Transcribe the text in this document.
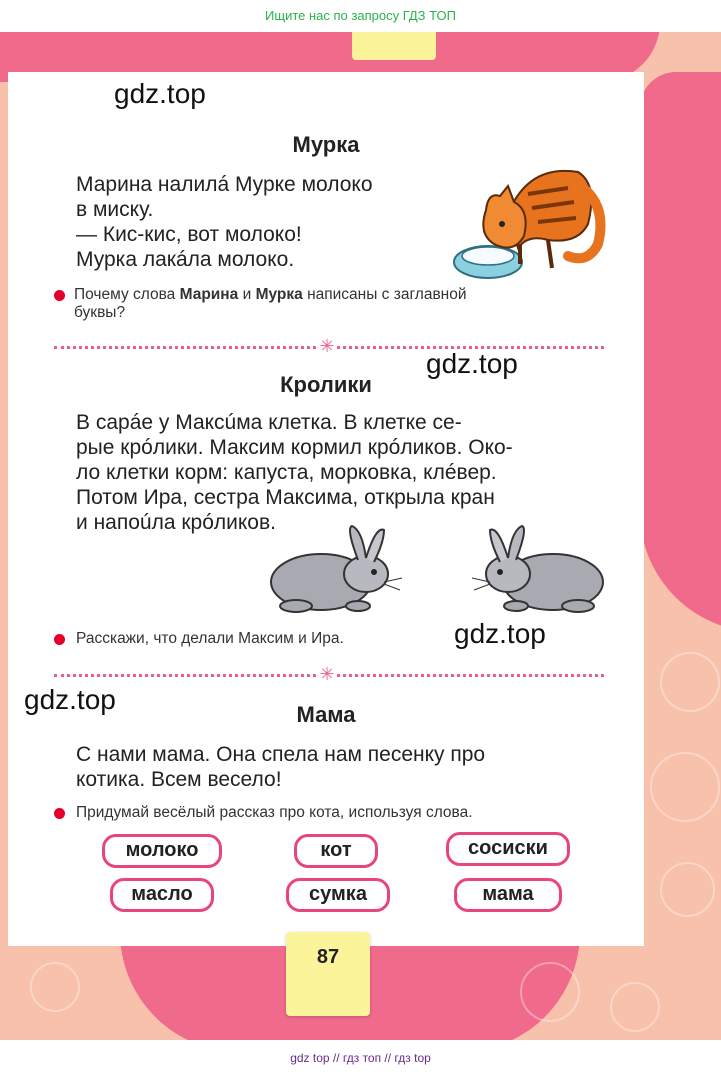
Ищите нас по запросу ГДЗ ТОП
gdz.top
Мурка
Марина налилá Мурке молоко
в миску.
— Кис-кис, вот молоко!
Мурка лакáла молоко.
Почему слова Марина и Мурка написаны с заглавной
буквы?
✳
gdz.top
Кролики
В сарáе у Максúма клетка. В клетке се-
рые крóлики. Максим кормил крóликов. Око-
ло клетки корм: капуста, морковка, клéвер.
Потом Ира, сестра Максима, открыла кран
и напоúла крóликов.
Расскажи, что делали Максим и Ира.	gdz.top
✳
gdz.top	Мама
С нами мама. Она спела нам песенку про
котика. Всем весело!
Придумай весёлый рассказ про кота, используя слова.
молоко	кот	сосиски
масло	сумка	мама
87
gdz top // гдз топ // гдз top
